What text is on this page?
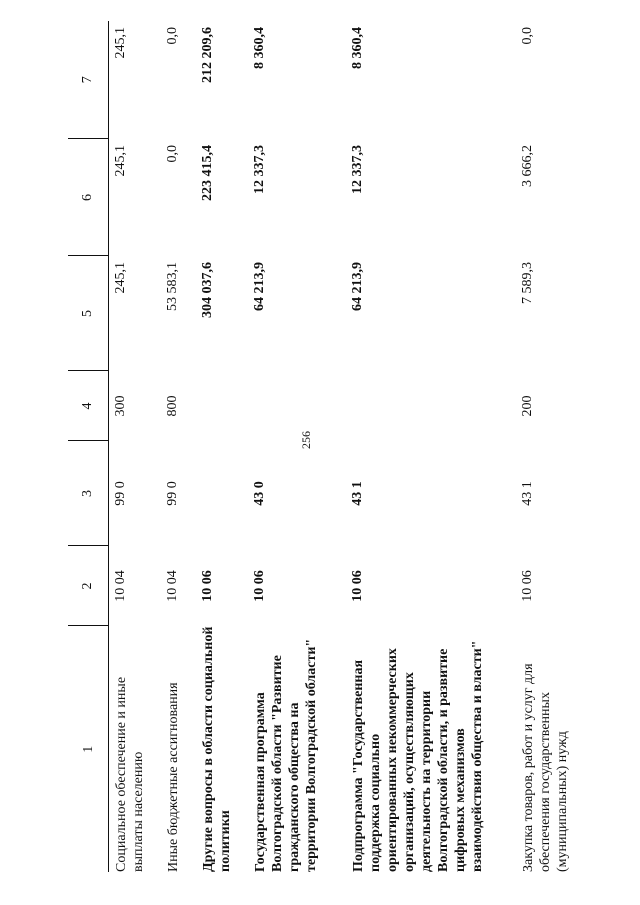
256
1	2	3	4	5	6	7
Социальное обеспечение и иные выплаты населению	10 04	99 0	300	245,1	245,1	245,1
Иные бюджетные ассигнования	10 04	99 0	800	53 583,1	0,0	0,0
Другие вопросы в области социальной политики	10 06			304 037,6	223 415,4	212 209,6
Государственная программа Волгоградской области "Развитие гражданского общества на территории Волгоградской области"	10 06	43 0		64 213,9	12 337,3	8 360,4
Подпрограмма "Государственная поддержка социально ориентированных некоммерческих организаций, осуществляющих деятельность на территории Волгоградской области, и развитие цифровых механизмов взаимодействия общества и власти"	10 06	43 1		64 213,9	12 337,3	8 360,4
Закупка товаров, работ и услуг для обеспечения государственных (муниципальных) нужд	10 06	43 1	200	7 589,3	3 666,2	0,0
